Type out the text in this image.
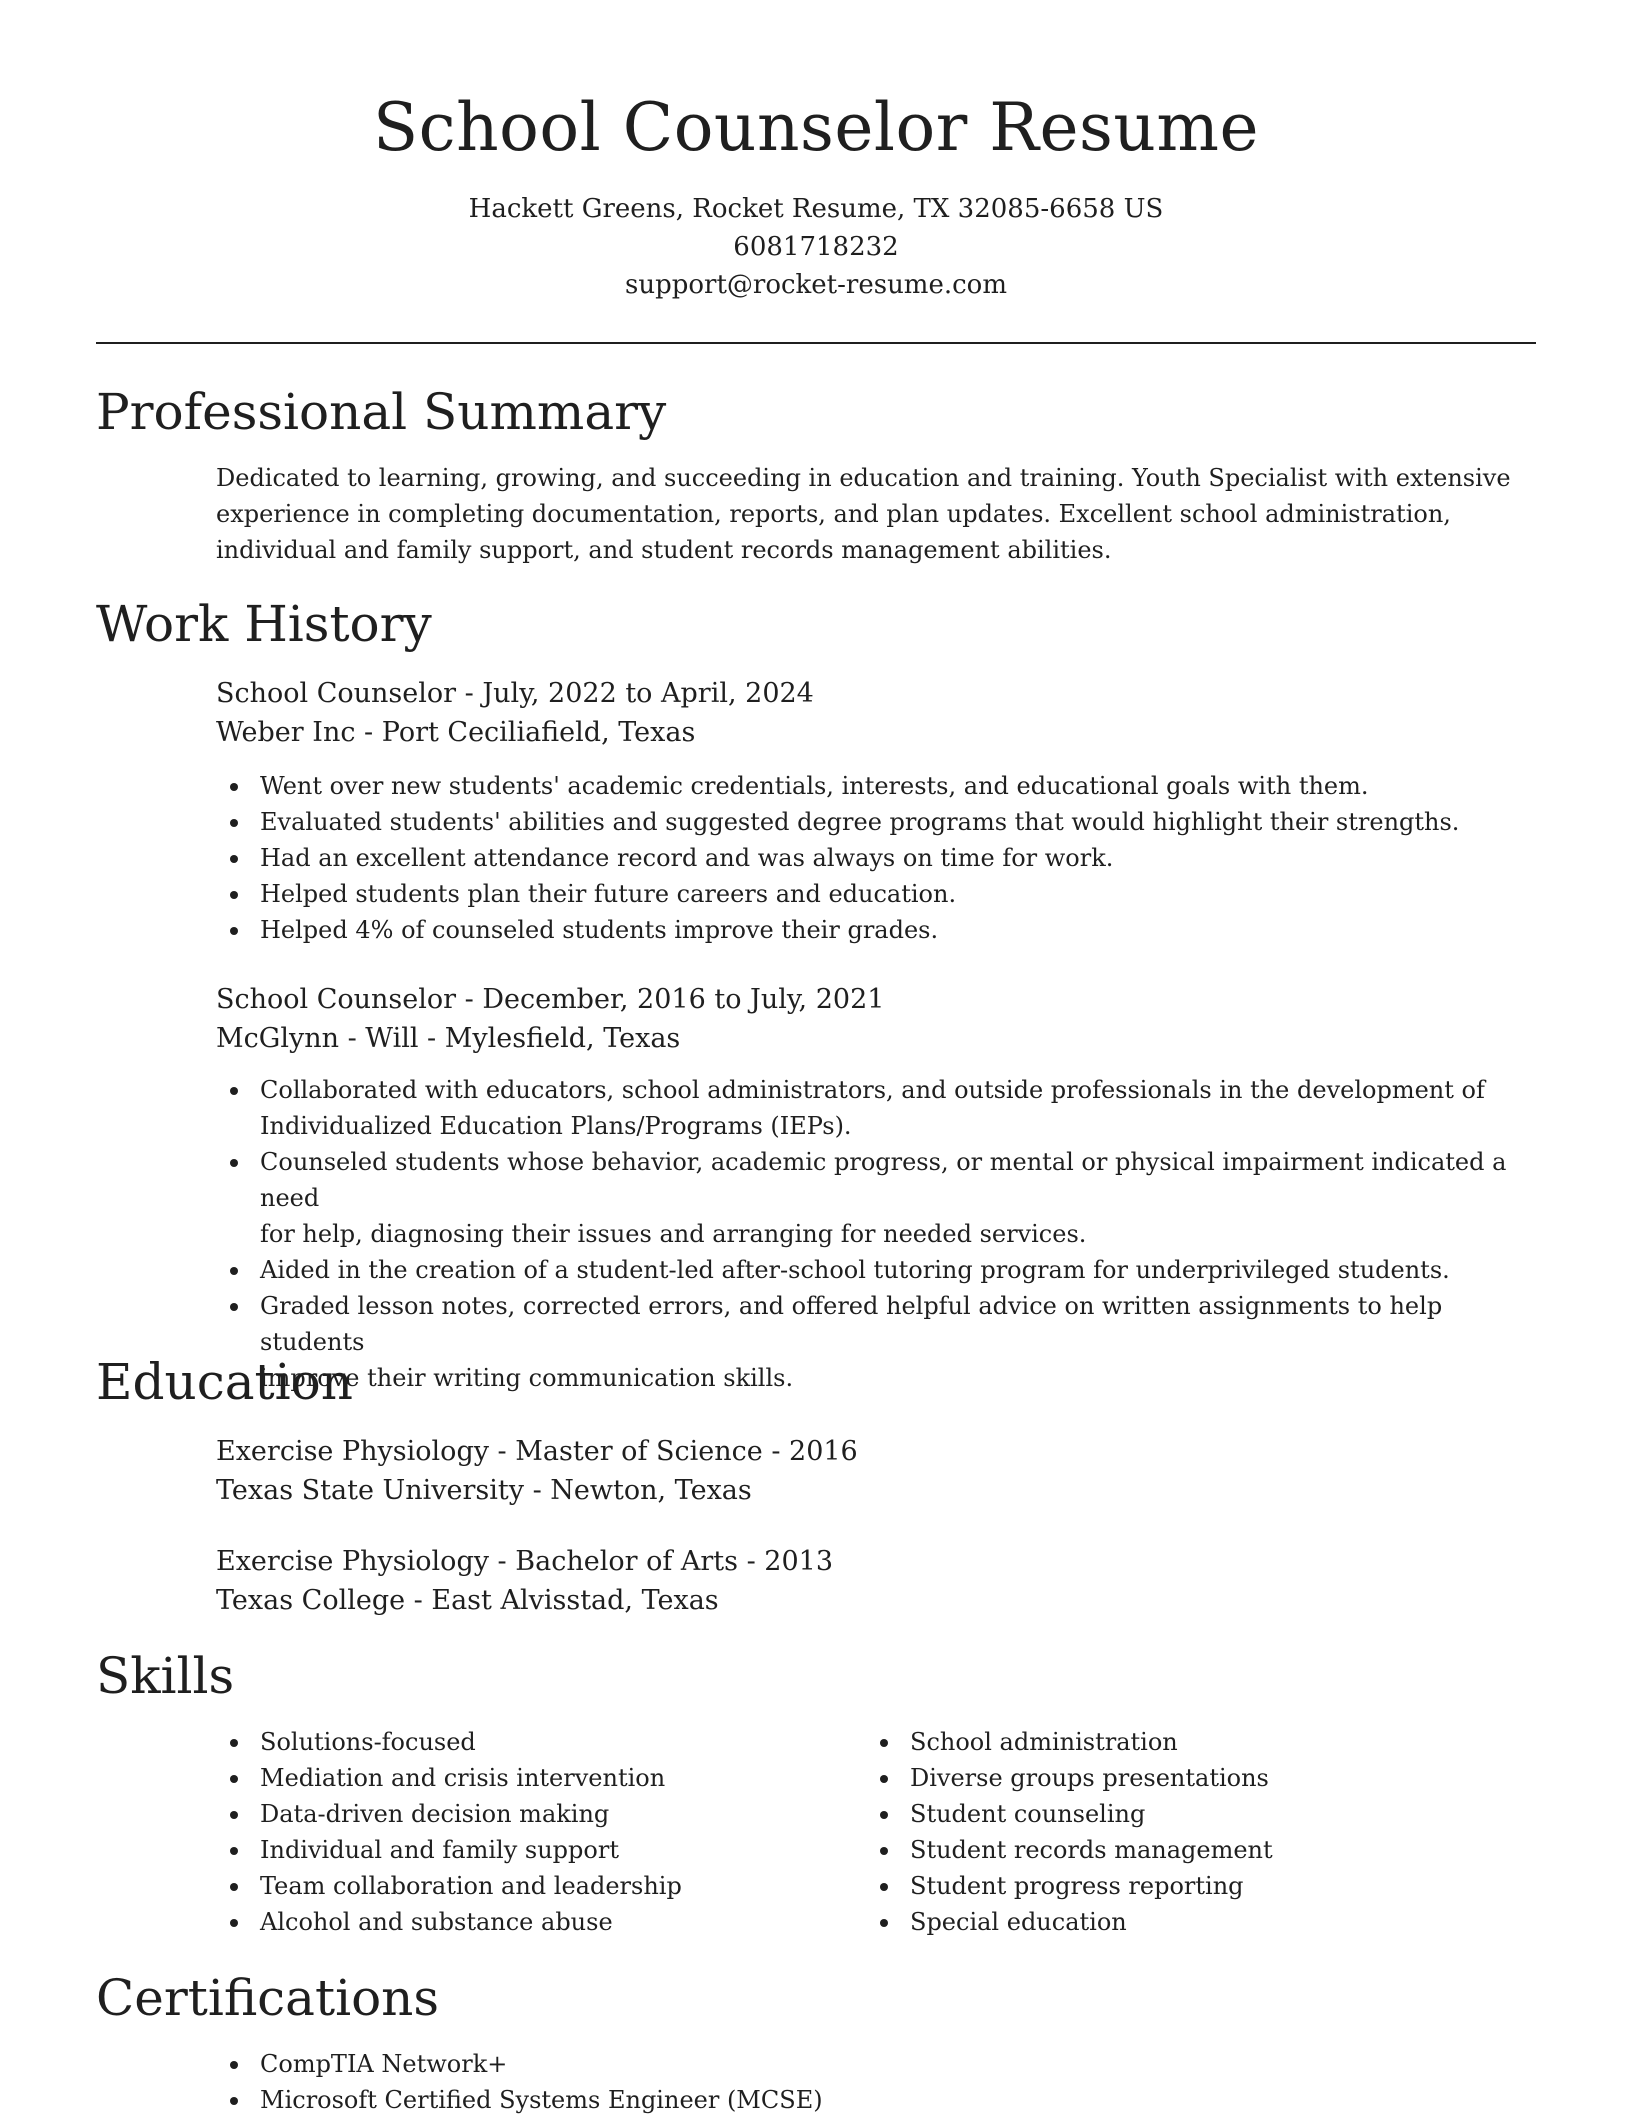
School Counselor Resume

Hackett Greens, Rocket Resume, TX 32085-6658 US

6081718232

support@rocket-resume.com

Professional Summary

Dedicated to learning, growing, and succeeding in education and training. Youth Specialist with extensive

experience in completing documentation, reports, and plan updates. Excellent school administration,

individual and family support, and student records management abilities.

Work History

School Counselor - July, 2022 to April, 2024

Weber Inc - Port Ceciliafield, Texas

Went over new students' academic credentials, interests, and educational goals with them.
Evaluated students' abilities and suggested degree programs that would highlight their strengths.
Had an excellent attendance record and was always on time for work.
Helped students plan their future careers and education.
Helped 4% of counseled students improve their grades.

School Counselor - December, 2016 to July, 2021

McGlynn - Will - Mylesfield, Texas

Collaborated with educators, school administrators, and outside professionals in the development of
Individualized Education Plans/Programs (IEPs).
Counseled students whose behavior, academic progress, or mental or physical impairment indicated a need
for help, diagnosing their issues and arranging for needed services.
Aided in the creation of a student-led after-school tutoring program for underprivileged students.
Graded lesson notes, corrected errors, and offered helpful advice on written assignments to help students
improve their writing communication skills.
Education

Exercise Physiology - Master of Science - 2016

Texas State University - Newton, Texas

Exercise Physiology - Bachelor of Arts - 2013

Texas College - East Alvisstad, Texas

Skills
Solutions-focused
Mediation and crisis intervention
Data-driven decision making
Individual and family support
Team collaboration and leadership
Alcohol and substance abuse
School administration
Diverse groups presentations
Student counseling
Student records management
Student progress reporting
Special education
Certifications
CompTIA Network+
Microsoft Certified Systems Engineer (MCSE)
